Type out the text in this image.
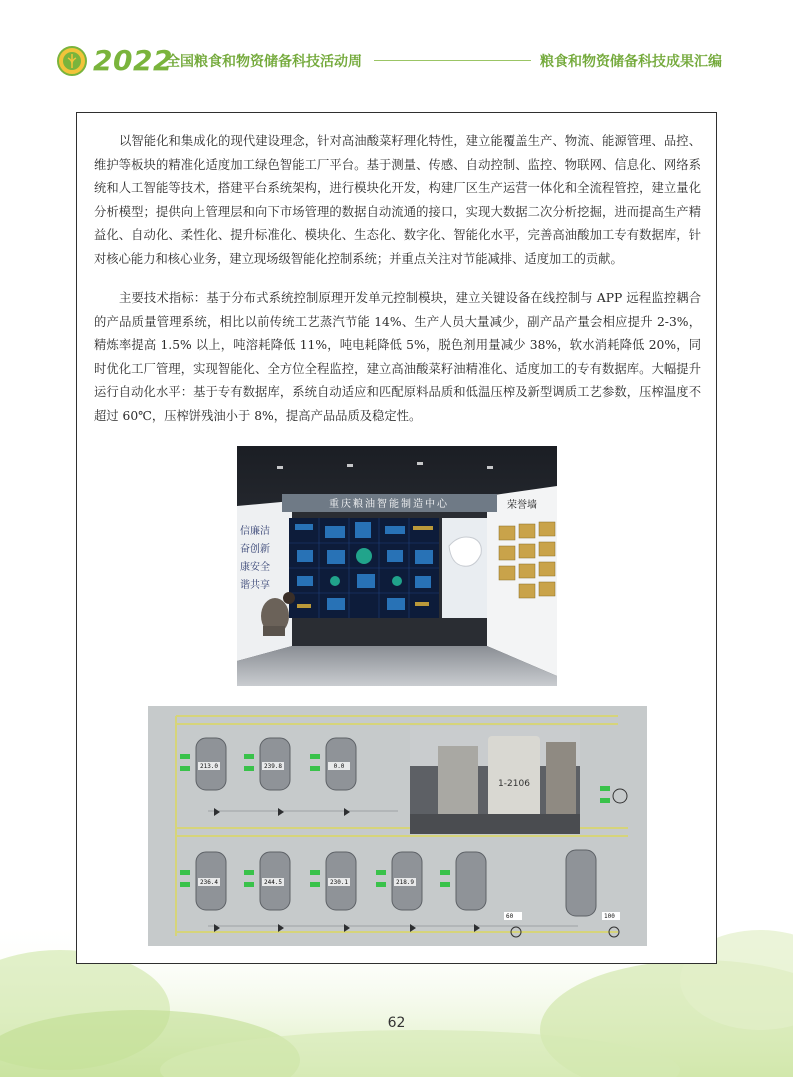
2022
全国粮食和物资储备科技活动周	粮食和物资储备科技成果汇编

以智能化和集成化的现代建设理念，针对高油酸菜籽理化特性，建立能覆盖生产、物流、能源管理、品控、维护等板块的精准化适度加工绿色智能工厂平台。基于测量、传感、自动控制、监控、物联网、信息化、网络系统和人工智能等技术，搭建平台系统架构，进行模块化开发，构建厂区生产运营一体化和全流程管控，建立量化分析模型；提供向上管理层和向下市场管理的数据自动流通的接口，实现大数据二次分析挖掘，进而提高生产精益化、自动化、柔性化、提升标准化、模块化、生态化、数字化、智能化水平，完善高油酸加工专有数据库，针对核心能力和核心业务，建立现场级智能化控制系统；并重点关注对节能减排、适度加工的贡献。

主要技术指标：基于分布式系统控制原理开发单元控制模块，建立关键设备在线控制与 APP 远程监控耦合的产品质量管理系统，相比以前传统工艺蒸汽节能 14%、生产人员大量减少，副产品产量会相应提升 2-3%，精炼率提高 1.5% 以上，吨溶耗降低 11%，吨电耗降低 5%，脱色剂用量减少 38%，软水消耗降低 20%，同时优化工厂管理，实现智能化、全方位全程监控，建立高油酸菜籽油精准化、适度加工的专有数据库。大幅提升运行自动化水平：基于专有数据库，系统自动适应和匹配原料品质和低温压榨及新型调质工艺参数，压榨温度不超过 60℃，压榨饼残油小于 8%，提高产品品质及稳定性。

重庆粮油智能制造中心	荣誉墙
信廉洁
奋创新
康安全
谐共享
213.0	239.8	0.0
236.4	244.5	230.1	218.9
1-2106
100
60
62
